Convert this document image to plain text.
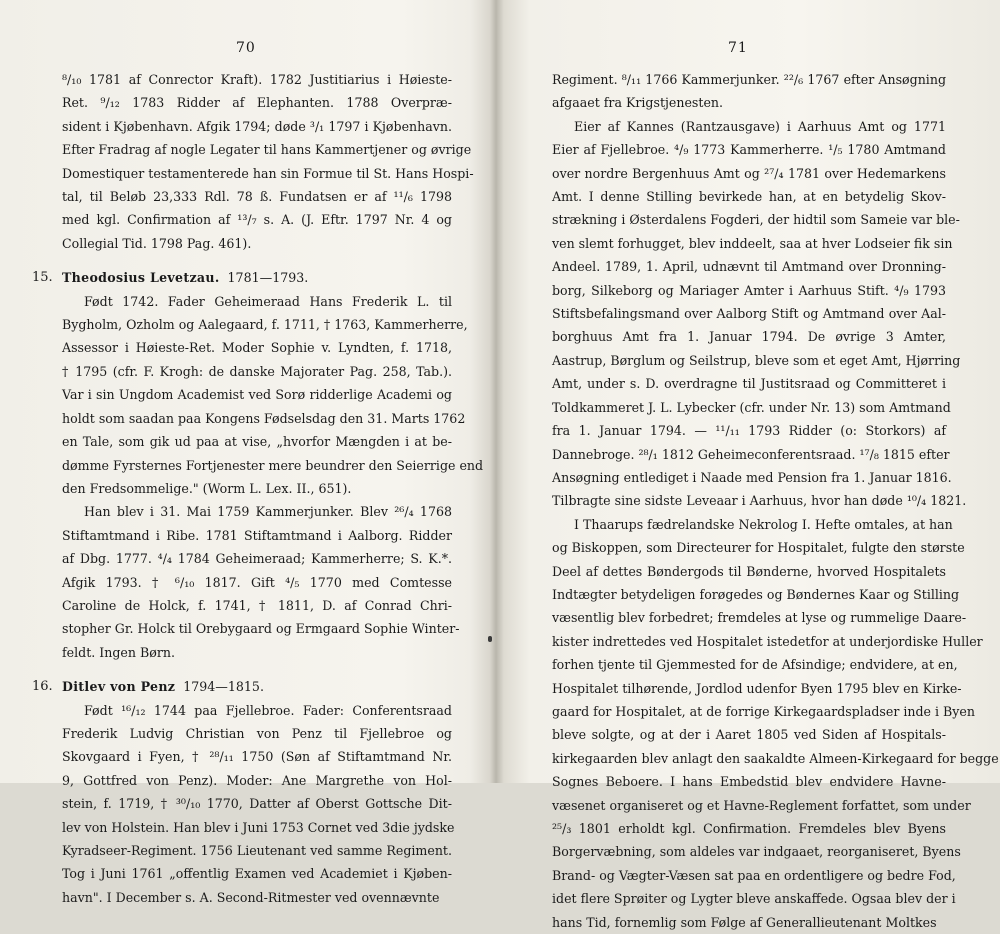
70
⁸/₁₀ 1781 af Conrector Kraft). 1782 Justitiarius i Høieste-
Ret. ⁹/₁₂ 1783 Ridder af Elephanten. 1788 Overpræ-
sident i Kjøbenhavn. Afgik 1794; døde ³/₁ 1797 i Kjøbenhavn.
Efter Fradrag af nogle Legater til hans Kammertjener og øvrige
Domestiquer testamenterede han sin Formue til St. Hans Hospi-
tal, til Beløb 23,333 Rdl. 78 ß. Fundatsen er af ¹¹/₆ 1798
med kgl. Confirmation af ¹³/₇ s. A. (J. Eftr. 1797 Nr. 4 og
Collegial Tid. 1798 Pag. 461).
15. Theodosius Levetzau. 1781—1793.
Født 1742. Fader Geheimeraad Hans Frederik L. til
Bygholm, Ozholm og Aalegaard, f. 1711, † 1763, Kammerherre,
Assessor i Høieste-Ret. Moder Sophie v. Lyndten, f. 1718,
† 1795 (cfr. F. Krogh: de danske Majorater Pag. 258, Tab.).
Var i sin Ungdom Academist ved Sorø ridderlige Academi og
holdt som saadan paa Kongens Fødselsdag den 31. Marts 1762
en Tale, som gik ud paa at vise, „hvorfor Mængden i at be-
dømme Fyrsternes Fortjenester mere beundrer den Seierrige end
den Fredsommelige." (Worm L. Lex. II., 651).
Han blev i 31. Mai 1759 Kammerjunker. Blev ²⁶/₄ 1768
Stiftamtmand i Ribe. 1781 Stiftamtmand i Aalborg. Ridder
af Dbg. 1777. ⁴/₄ 1784 Geheimeraad; Kammerherre; S. K.*.
Afgik 1793. † ⁶/₁₀ 1817. Gift ⁴/₅ 1770 med Comtesse
Caroline de Holck, f. 1741, † 1811, D. af Conrad Chri-
stopher Gr. Holck til Orebygaard og Ermgaard Sophie Winter-
feldt. Ingen Børn.
16. Ditlev von Penz 1794—1815.
Født ¹⁶/₁₂ 1744 paa Fjellebroe. Fader: Conferentsraad
Frederik Ludvig Christian von Penz til Fjellebroe og
Skovgaard i Fyen, † ²⁸/₁₁ 1750 (Søn af Stiftamtmand Nr.
9, Gottfred von Penz). Moder: Ane Margrethe von Hol-
stein, f. 1719, † ³⁰/₁₀ 1770, Datter af Oberst Gottsche Dit-
lev von Holstein. Han blev i Juni 1753 Cornet ved 3die jydske
Kyradseer-Regiment. 1756 Lieutenant ved samme Regiment.
Tog i Juni 1761 „offentlig Examen ved Academiet i Kjøben-
havn". I December s. A. Second-Ritmester ved ovennævnte
71
Regiment. ⁸/₁₁ 1766 Kammerjunker. ²²/₆ 1767 efter Ansøgning
afgaaet fra Krigstjenesten.
Eier af Kannes (Rantzausgave) i Aarhuus Amt og 1771
Eier af Fjellebroe. ⁴/₉ 1773 Kammerherre. ¹/₅ 1780 Amtmand
over nordre Bergenhuus Amt og ²⁷/₄ 1781 over Hedemarkens
Amt. I denne Stilling bevirkede han, at en betydelig Skov-
strækning i Østerdalens Fogderi, der hidtil som Sameie var ble-
ven slemt forhugget, blev inddeelt, saa at hver Lodseier fik sin
Andeel. 1789, 1. April, udnævnt til Amtmand over Dronning-
borg, Silkeborg og Mariager Amter i Aarhuus Stift. ⁴/₉ 1793
Stiftsbefalingsmand over Aalborg Stift og Amtmand over Aal-
borghuus Amt fra 1. Januar 1794. De øvrige 3 Amter,
Aastrup, Børglum og Seilstrup, bleve som et eget Amt, Hjørring
Amt, under s. D. overdragne til Justitsraad og Committeret i
Toldkammeret J. L. Lybecker (cfr. under Nr. 13) som Amtmand
fra 1. Januar 1794. — ¹¹/₁₁ 1793 Ridder (o: Storkors) af
Dannebroge. ²⁸/₁ 1812 Geheimeconferentsraad. ¹⁷/₈ 1815 efter
Ansøgning entlediget i Naade med Pension fra 1. Januar 1816.
Tilbragte sine sidste Leveaar i Aarhuus, hvor han døde ¹⁰/₄ 1821.
I Thaarups fædrelandske Nekrolog I. Hefte omtales, at han
og Biskoppen, som Directeurer for Hospitalet, fulgte den største
Deel af dettes Bøndergods til Bønderne, hvorved Hospitalets
Indtægter betydeligen forøgedes og Bøndernes Kaar og Stilling
væsentlig blev forbedret; fremdeles at lyse og rummelige Daare-
kister indrettedes ved Hospitalet istedetfor at underjordiske Huller
forhen tjente til Gjemmested for de Afsindige; endvidere, at en,
Hospitalet tilhørende, Jordlod udenfor Byen 1795 blev en Kirke-
gaard for Hospitalet, at de forrige Kirkegaardspladser inde i Byen
bleve solgte, og at der i Aaret 1805 ved Siden af Hospitals-
kirkegaarden blev anlagt den saakaldte Almeen-Kirkegaard for begge
Sognes Beboere. I hans Embedstid blev endvidere Havne-
væsenet organiseret og et Havne-Reglement forfattet, som under
²⁵/₃ 1801 erholdt kgl. Confirmation. Fremdeles blev Byens
Borgervæbning, som aldeles var indgaaet, reorganiseret, Byens
Brand- og Vægter-Væsen sat paa en ordentligere og bedre Fod,
idet flere Sprøiter og Lygter bleve anskaffede. Ogsaa blev der i
hans Tid, fornemlig som Følge af Generallieutenant Moltkes
